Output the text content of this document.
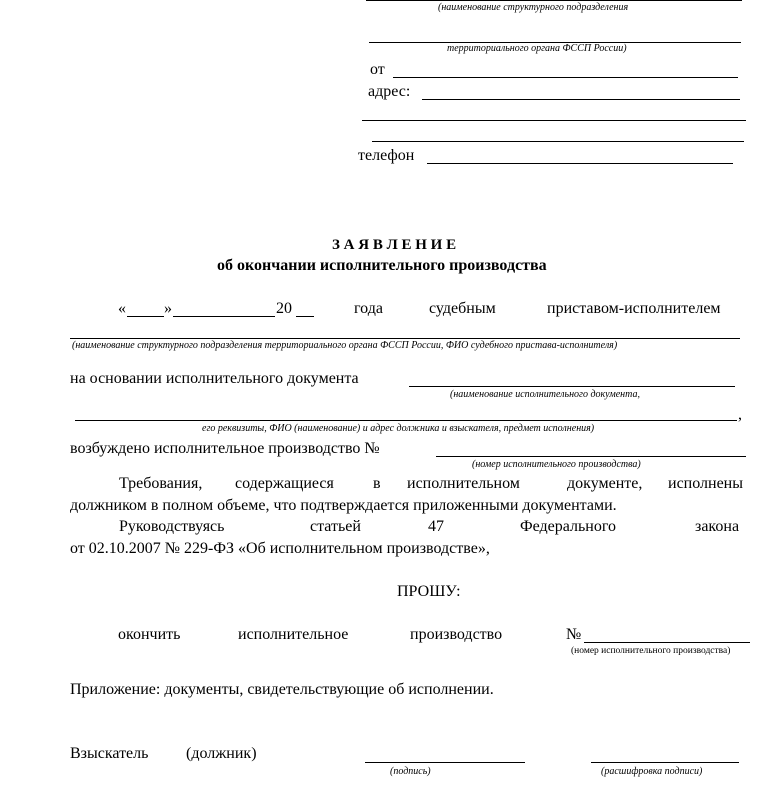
(наименование структурного подразделения
территориального органа ФССП России)
от
адрес:
телефон
З А Я В Л Е Н И Е
об окончании исполнительного производства
« »	20	года	судебным	приставом-исполнителем
(наименование структурного подразделения территориального органа ФССП России, ФИО судебного пристава-исполнителя)
на основании исполнительного документа
(наименование исполнительного документа,
,
его реквизиты, ФИО (наименование) и адрес должника и взыскателя, предмет исполнения)
возбуждено исполнительное производство №
(номер исполнительного производства)
Требования, содержащиеся в исполнительном	документе, исполнены
должником в полном объеме, что подтверждается приложенными документами.
Руководствуясь	статьей	47	Федерального	закона
от 02.10.2007 № 229-ФЗ «Об исполнительном производстве»,
ПРОШУ:
окончить	исполнительное	производство	№
(номер исполнительного производства)
Приложение: документы, свидетельствующие об исполнении.
Взыскатель (должник)
(подпись)	(расшифровка подписи)
